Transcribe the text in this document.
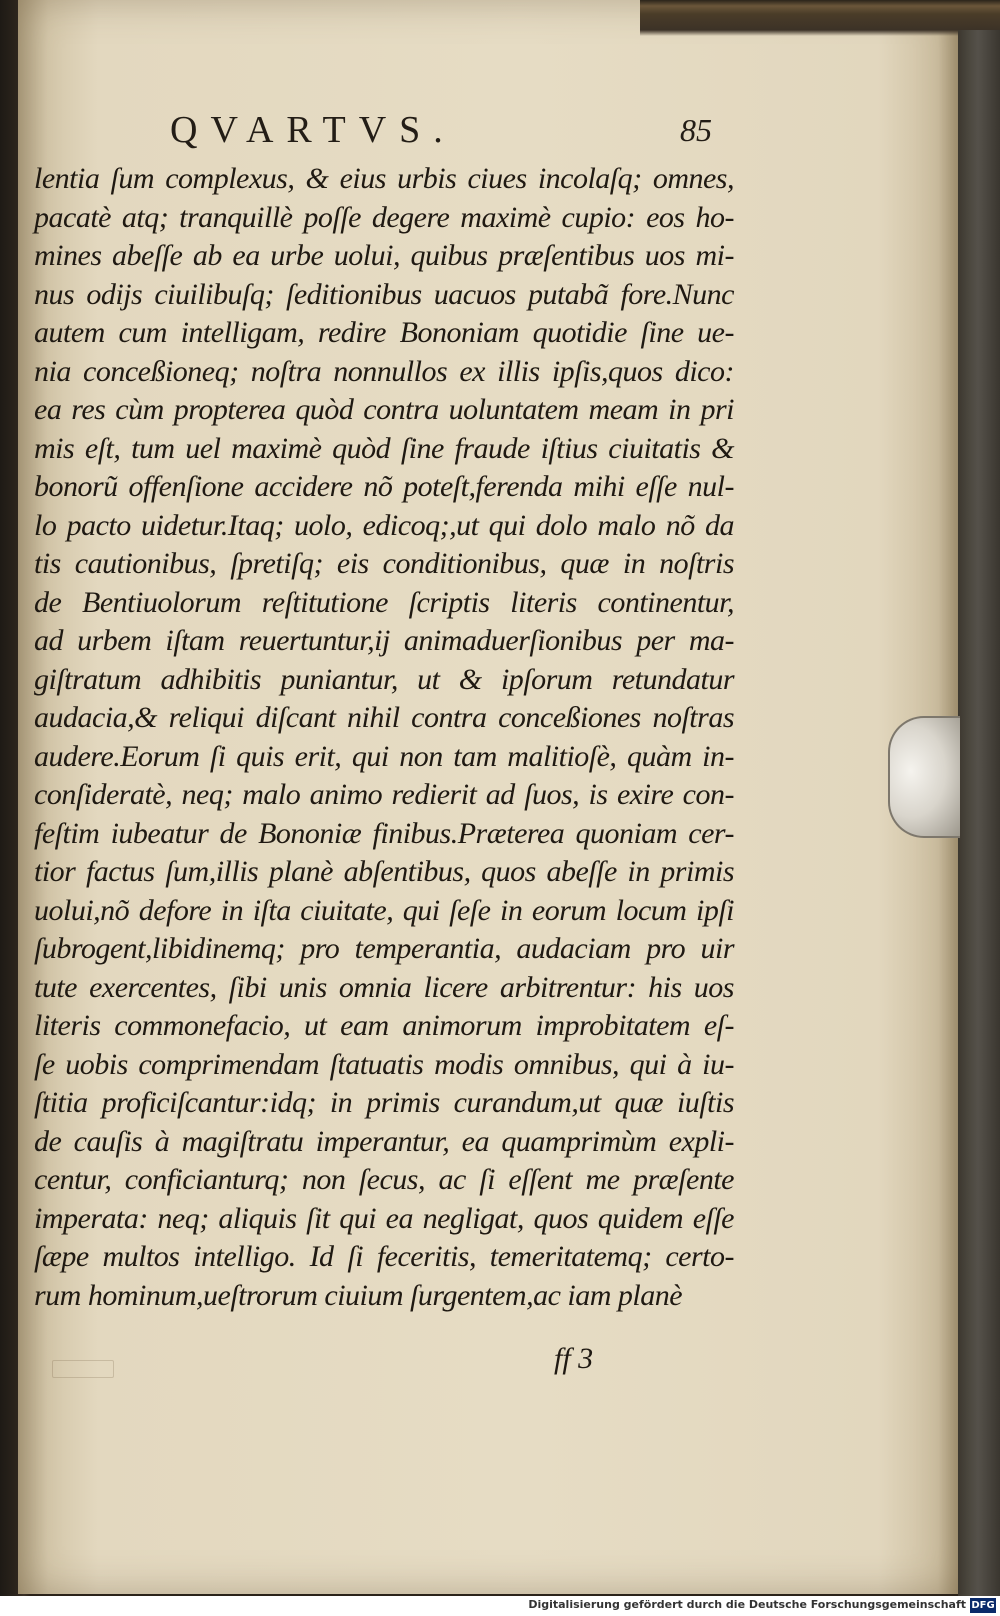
QVARTVS.	85
lentia ſum complexus, & eius urbis ciues incolaſq; omnes,
pacatè atq; tranquillè poſſe degere maximè cupio: eos ho-
mines abeſſe ab ea urbe uolui, quibus præſentibus uos mi-
nus odijs ciuilibuſq; ſeditionibus uacuos putabã fore.Nunc
autem cum intelligam, redire Bononiam quotidie ſine ue-
nia conceßioneq; noſtra nonnullos ex illis ipſis,quos dico:
ea res cùm propterea quòd contra uoluntatem meam in pri
mis eſt, tum uel maximè quòd ſine fraude iſtius ciuitatis &
bonorũ offenſione accidere nõ poteſt,ferenda mihi eſſe nul-
lo pacto uidetur.Itaq; uolo, edicoq;,ut qui dolo malo nõ da
tis cautionibus, ſpretiſq; eis conditionibus, quæ in noſtris
de Bentiuolorum reſtitutione ſcriptis literis continentur,
ad urbem iſtam reuertuntur,ij animaduerſionibus per ma-
giſtratum adhibitis puniantur, ut & ipſorum retundatur
audacia,& reliqui diſcant nihil contra conceßiones noſtras
audere.Eorum ſi quis erit, qui non tam malitioſè, quàm in-
conſideratè, neq; malo animo redierit ad ſuos, is exire con-
feſtim iubeatur de Bononiæ finibus.Præterea quoniam cer-
tior factus ſum,illis planè abſentibus, quos abeſſe in primis
uolui,nõ defore in iſta ciuitate, qui ſeſe in eorum locum ipſi
ſubrogent,libidinemq; pro temperantia, audaciam pro uir
tute exercentes, ſibi unis omnia licere arbitrentur: his uos
literis commonefacio, ut eam animorum improbitatem eſ-
ſe uobis comprimendam ſtatuatis modis omnibus, qui à iu-
ſtitia proficiſcantur:idq; in primis curandum,ut quæ iuſtis
de cauſis à magiſtratu imperantur, ea quamprimùm expli-
centur, conficianturq; non ſecus, ac ſi eſſent me præſente
imperata: neq; aliquis ſit qui ea negligat, quos quidem eſſe
ſæpe multos intelligo. Id ſi feceritis, temeritatemq; certo-
rum hominum,ueſtrorum ciuium ſurgentem,ac iam planè
ff 3
Digitalisierung gefördert durch die Deutsche Forschungsgemeinschaft DFG
